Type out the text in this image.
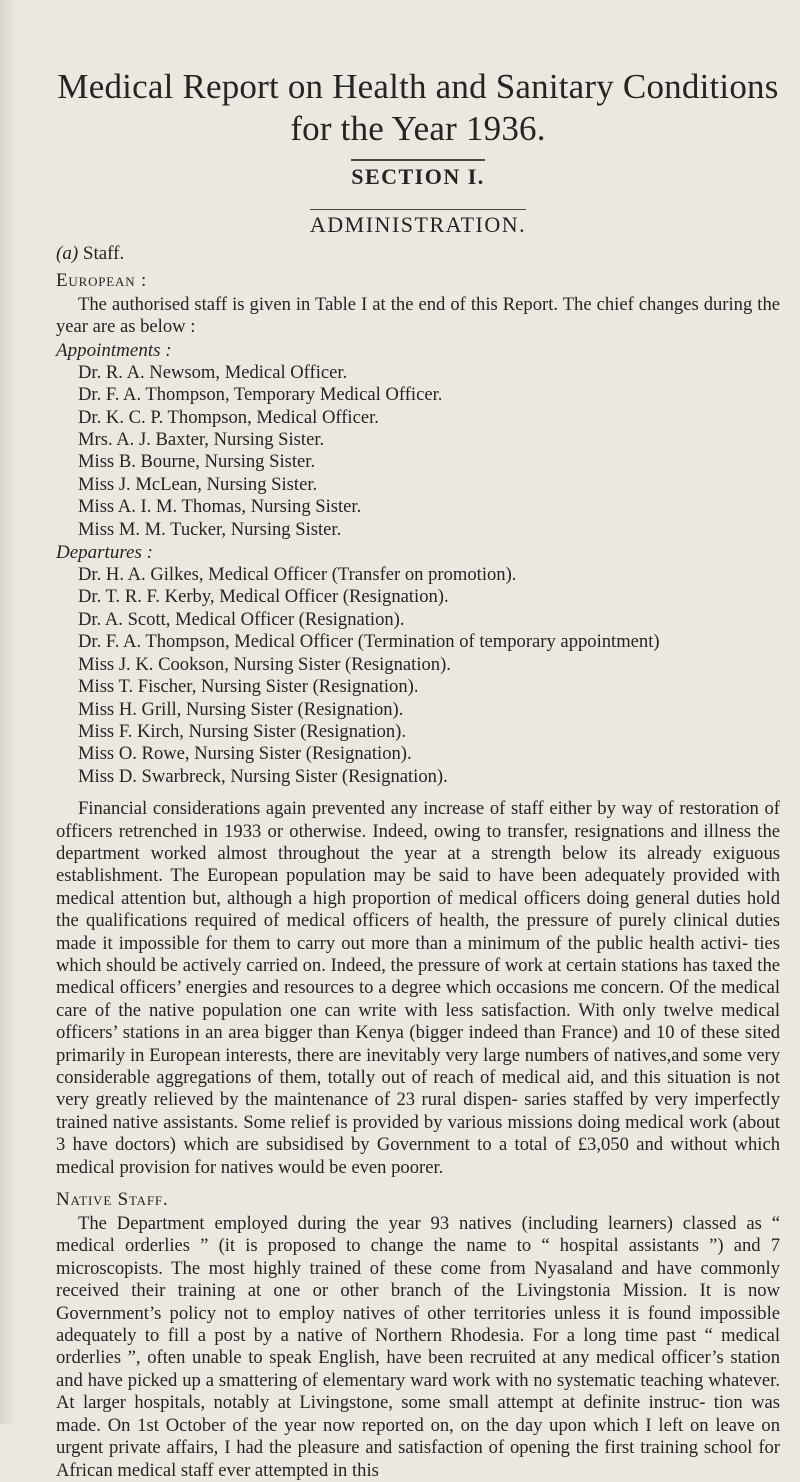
Medical Report on Health and Sanitary Conditions
for the Year 1936.
SECTION I.
ADMINISTRATION.
(a) Staff.
European :

The authorised staff is given in Table I at the end of this Report. The chief changes during the year are as below :

Appointments :
Dr. R. A. Newsom, Medical Officer.
Dr. F. A. Thompson, Temporary Medical Officer.
Dr. K. C. P. Thompson, Medical Officer.
Mrs. A. J. Baxter, Nursing Sister.
Miss B. Bourne, Nursing Sister.
Miss J. McLean, Nursing Sister.
Miss A. I. M. Thomas, Nursing Sister.
Miss M. M. Tucker, Nursing Sister.
Departures :
Dr. H. A. Gilkes, Medical Officer (Transfer on promotion).
Dr. T. R. F. Kerby, Medical Officer (Resignation).
Dr. A. Scott, Medical Officer (Resignation).
Dr. F. A. Thompson, Medical Officer (Termination of temporary appointment)
Miss J. K. Cookson, Nursing Sister (Resignation).
Miss T. Fischer, Nursing Sister (Resignation).
Miss H. Grill, Nursing Sister (Resignation).
Miss F. Kirch, Nursing Sister (Resignation).
Miss O. Rowe, Nursing Sister (Resignation).
Miss D. Swarbreck, Nursing Sister (Resignation).

Financial considerations again prevented any increase of staff either by way of restoration of officers retrenched in 1933 or otherwise. Indeed, owing to transfer, resignations and illness the department worked almost throughout the year at a strength below its already exiguous establishment. The European population may be said to have been adequately provided with medical attention but, although a high proportion of medical officers doing general duties hold the qualifications required of medical officers of health, the pressure of purely clinical duties made it impossible for them to carry out more than a minimum of the public health activi- ties which should be actively carried on. Indeed, the pressure of work at certain stations has taxed the medical officers’ energies and resources to a degree which occasions me concern. Of the medical care of the native population one can write with less satisfaction. With only twelve medical officers’ stations in an area bigger than Kenya (bigger indeed than France) and 10 of these sited primarily in European interests, there are inevitably very large numbers of natives,and some very considerable aggregations of them, totally out of reach of medical aid, and this situation is not very greatly relieved by the maintenance of 23 rural dispen- saries staffed by very imperfectly trained native assistants. Some relief is provided by various missions doing medical work (about 3 have doctors) which are subsidised by Government to a total of £3,050 and without which medical provision for natives would be even poorer.

Native Staff.

The Department employed during the year 93 natives (including learners) classed as “ medical orderlies ” (it is proposed to change the name to “ hospital assistants ”) and 7 microscopists. The most highly trained of these come from Nyasaland and have commonly received their training at one or other branch of the Livingstonia Mission. It is now Government’s policy not to employ natives of other territories unless it is found impossible adequately to fill a post by a native of Northern Rhodesia. For a long time past “ medical orderlies ”, often unable to speak English, have been recruited at any medical officer’s station and have picked up a smattering of elementary ward work with no systematic teaching whatever. At larger hospitals, notably at Livingstone, some small attempt at definite instruc- tion was made. On 1st October of the year now reported on, on the day upon which I left on leave on urgent private affairs, I had the pleasure and satisfaction of opening the first training school for African medical staff ever attempted in this
